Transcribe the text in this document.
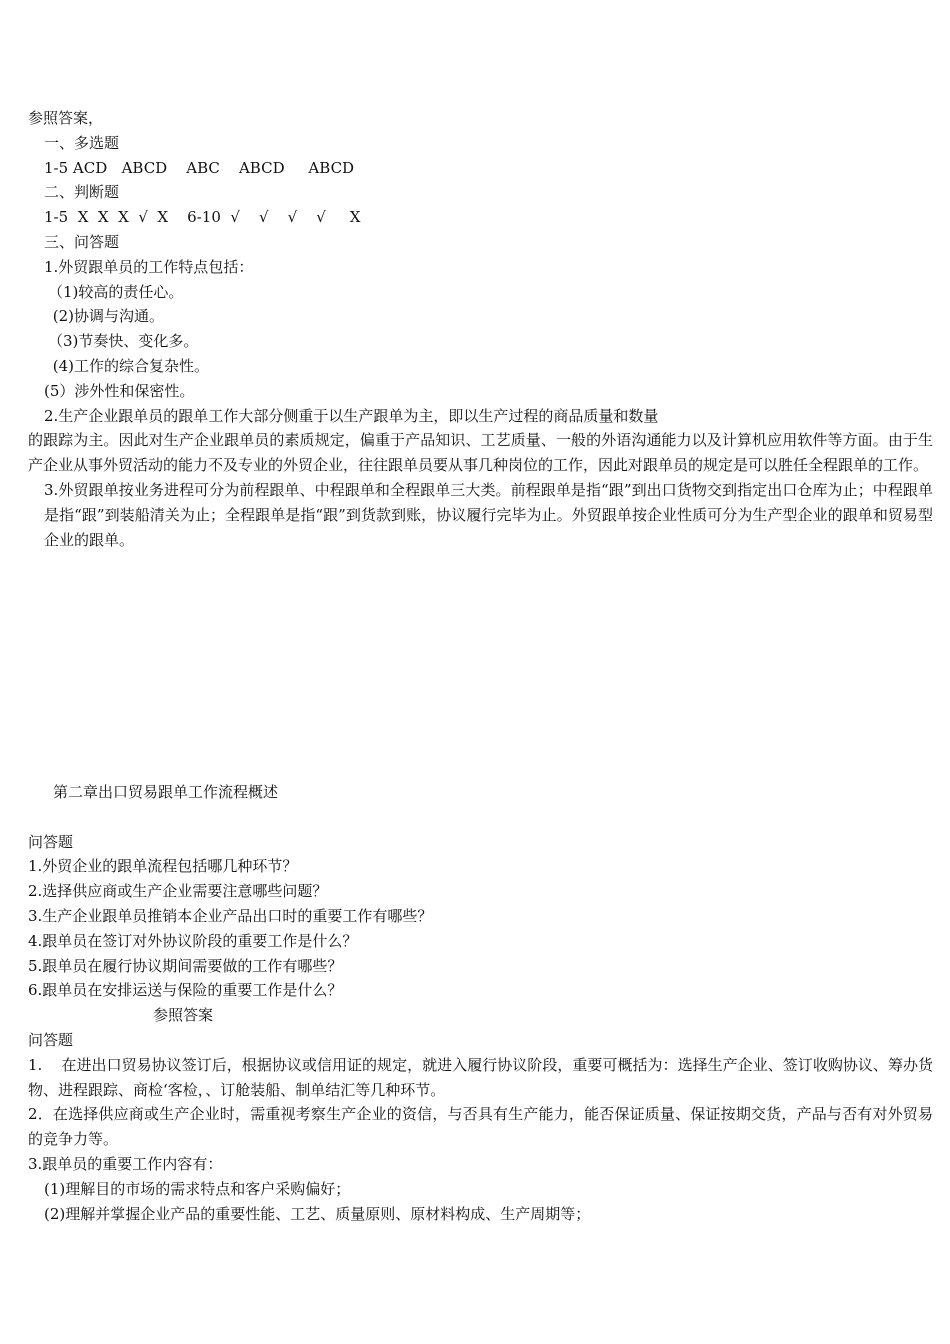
参照答案，
一、多选题
1-5 ACD   ABCD    ABC    ABCD     ABCD
二、判断题
1-5  X  X  X  √  X    6-10  √    √    √    √     X
三、问答题
1.外贸跟单员的工作特点包括：
（1)较高的责任心。
(2)协调与沟通。
（3)节奏快、变化多。
(4)工作的综合复杂性。
(5）涉外性和保密性。
2.生产企业跟单员的跟单工作大部分侧重于以生产跟单为主，即以生产过程的商品质量和数量
的跟踪为主。因此对生产企业跟单员的素质规定，偏重于产品知识、工艺质量、一般的外语沟通能力以及计算机应用软件等方面。由于生产企业从事外贸活动的能力不及专业的外贸企业，往往跟单员要从事几种岗位的工作，因此对跟单员的规定是可以胜任全程跟单的工作。
3.外贸跟单按业务进程可分为前程跟单、中程跟单和全程跟单三大类。前程跟单是指“跟”到出口货物交到指定出口仓库为止；中程跟单是指“跟”到装船清关为止；全程跟单是指“跟”到货款到账，协议履行完毕为止。外贸跟单按企业性质可分为生产型企业的跟单和贸易型企业的跟单。
第二章出口贸易跟单工作流程概述
问答题
1.外贸企业的跟单流程包括哪几种环节？
2.选择供应商或生产企业需要注意哪些问题？
3.生产企业跟单员推销本企业产品出口时的重要工作有哪些？
4.跟单员在签订对外协议阶段的重要工作是什么？
5.跟单员在履行协议期间需要做的工作有哪些？
6.跟单员在安排运送与保险的重要工作是什么？
参照答案
问答题
1.    在进出口贸易协议签订后，根据协议或信用证的规定，就进入履行协议阶段，重要可概括为：选择生产企业、签订收购协议、筹办货物、进程跟踪、商检‘客检，、订舱装船、制单结汇等几种环节。
2．在选择供应商或生产企业时，需重视考察生产企业的资信，与否具有生产能力，能否保证质量、保证按期交货，产品与否有对外贸易的竞争力等。
3.跟单员的重要工作内容有：
(1)理解目的市场的需求特点和客户采购偏好；
(2)理解并掌握企业产品的重要性能、工艺、质量原则、原材料构成、生产周期等；
